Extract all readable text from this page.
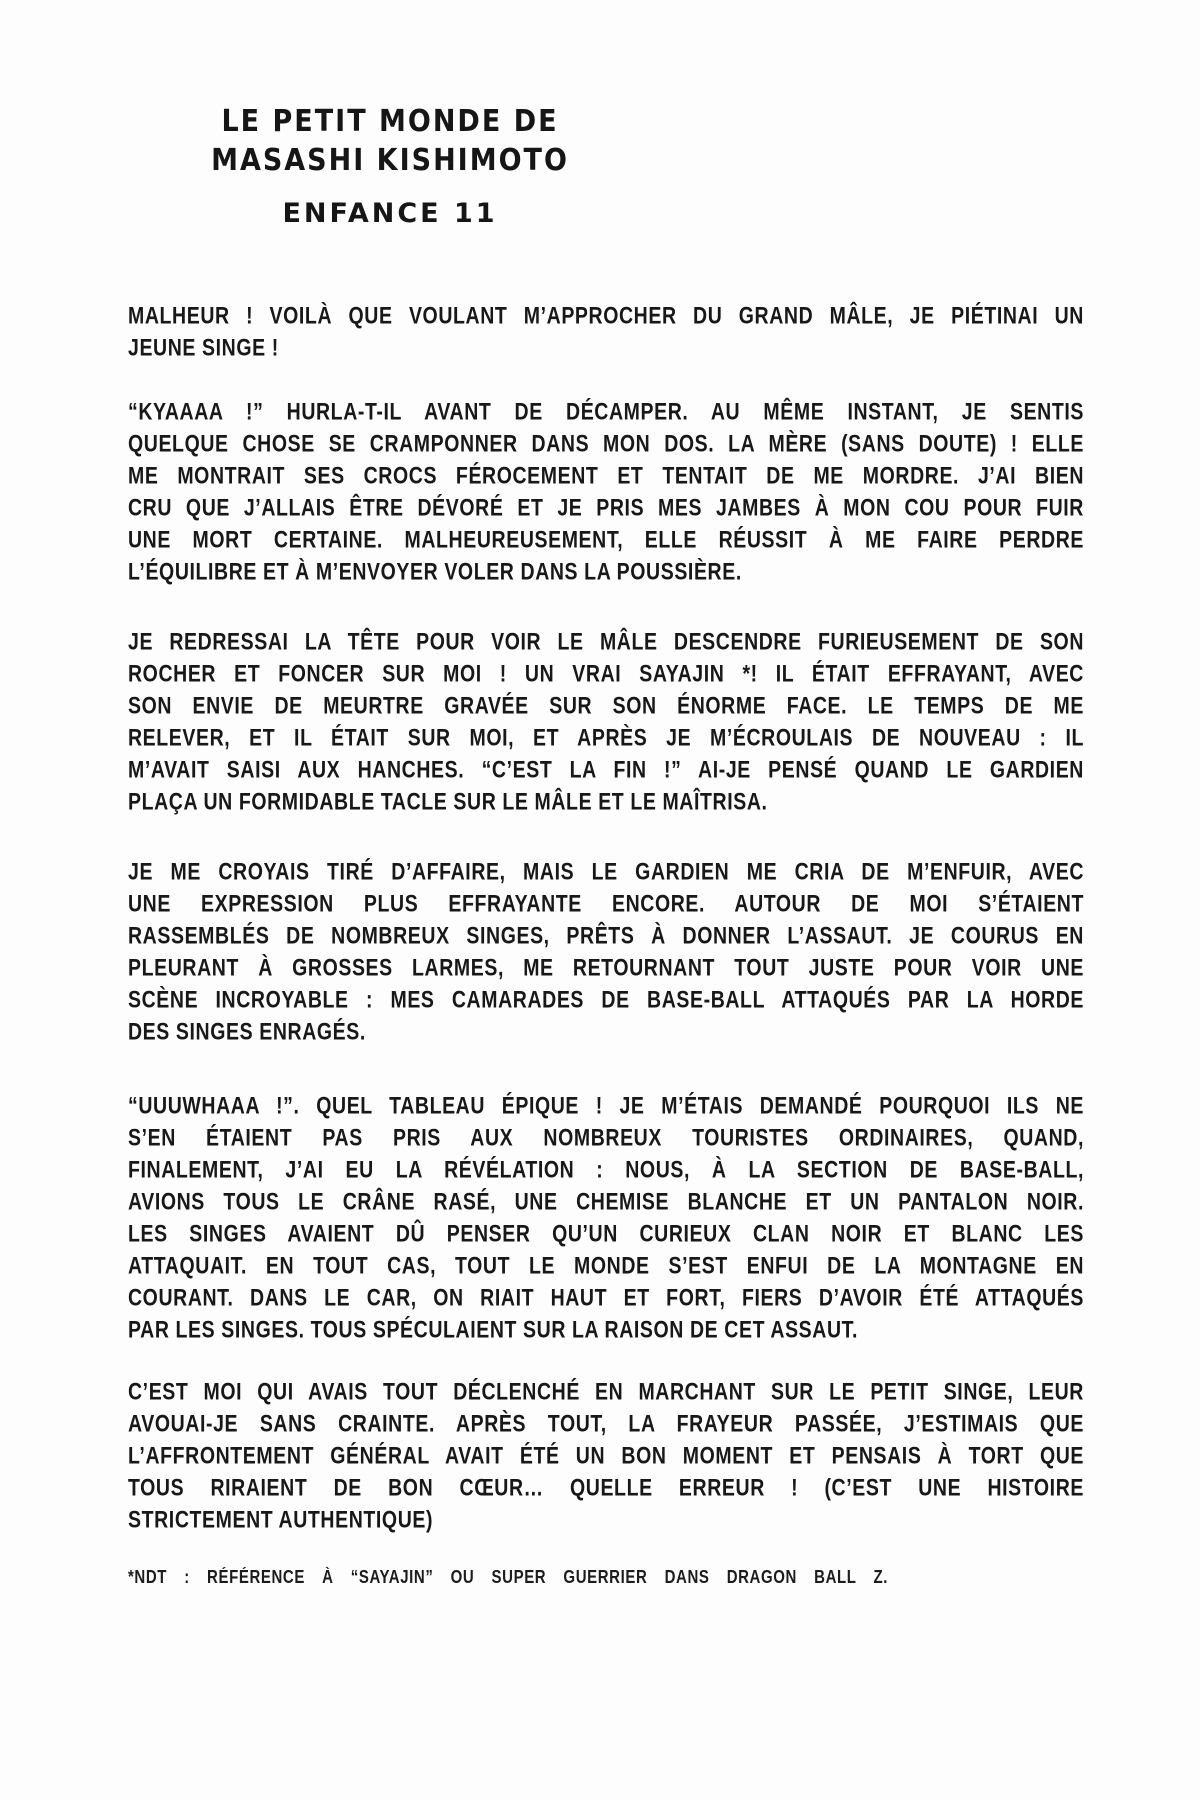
LE PETIT MONDE DE
MASASHI KISHIMOTO
ENFANCE 11
MALHEUR ! VOILÀ QUE VOULANT M’APPROCHER DU GRAND MÂLE, JE PIÉTINAI UN
JEUNE SINGE !
“KYAAAA !” HURLA-T-IL AVANT DE DÉCAMPER. AU MÊME INSTANT, JE SENTIS
QUELQUE CHOSE SE CRAMPONNER DANS MON DOS. LA MÈRE (SANS DOUTE) ! ELLE
ME MONTRAIT SES CROCS FÉROCEMENT ET TENTAIT DE ME MORDRE. J’AI BIEN
CRU QUE J’ALLAIS ÊTRE DÉVORÉ ET JE PRIS MES JAMBES À MON COU POUR FUIR
UNE MORT CERTAINE. MALHEUREUSEMENT, ELLE RÉUSSIT À ME FAIRE PERDRE
L’ÉQUILIBRE ET À M’ENVOYER VOLER DANS LA POUSSIÈRE.
JE REDRESSAI LA TÊTE POUR VOIR LE MÂLE DESCENDRE FURIEUSEMENT DE SON
ROCHER ET FONCER SUR MOI ! UN VRAI SAYAJIN *! IL ÉTAIT EFFRAYANT, AVEC
SON ENVIE DE MEURTRE GRAVÉE SUR SON ÉNORME FACE. LE TEMPS DE ME
RELEVER, ET IL ÉTAIT SUR MOI, ET APRÈS JE M’ÉCROULAIS DE NOUVEAU : IL
M’AVAIT SAISI AUX HANCHES. “C’EST LA FIN !” AI-JE PENSÉ QUAND LE GARDIEN
PLAÇA UN FORMIDABLE TACLE SUR LE MÂLE ET LE MAÎTRISA.
JE ME CROYAIS TIRÉ D’AFFAIRE, MAIS LE GARDIEN ME CRIA DE M’ENFUIR, AVEC
UNE EXPRESSION PLUS EFFRAYANTE ENCORE. AUTOUR DE MOI S’ÉTAIENT
RASSEMBLÉS DE NOMBREUX SINGES, PRÊTS À DONNER L’ASSAUT. JE COURUS EN
PLEURANT À GROSSES LARMES, ME RETOURNANT TOUT JUSTE POUR VOIR UNE
SCÈNE INCROYABLE : MES CAMARADES DE BASE-BALL ATTAQUÉS PAR LA HORDE
DES SINGES ENRAGÉS.
“UUUWHAAA !”. QUEL TABLEAU ÉPIQUE ! JE M’ÉTAIS DEMANDÉ POURQUOI ILS NE
S’EN ÉTAIENT PAS PRIS AUX NOMBREUX TOURISTES ORDINAIRES, QUAND,
FINALEMENT, J’AI EU LA RÉVÉLATION : NOUS, À LA SECTION DE BASE-BALL,
AVIONS TOUS LE CRÂNE RASÉ, UNE CHEMISE BLANCHE ET UN PANTALON NOIR.
LES SINGES AVAIENT DÛ PENSER QU’UN CURIEUX CLAN NOIR ET BLANC LES
ATTAQUAIT. EN TOUT CAS, TOUT LE MONDE S’EST ENFUI DE LA MONTAGNE EN
COURANT. DANS LE CAR, ON RIAIT HAUT ET FORT, FIERS D’AVOIR ÉTÉ ATTAQUÉS
PAR LES SINGES. TOUS SPÉCULAIENT SUR LA RAISON DE CET ASSAUT.
C’EST MOI QUI AVAIS TOUT DÉCLENCHÉ EN MARCHANT SUR LE PETIT SINGE, LEUR
AVOUAI-JE SANS CRAINTE. APRÈS TOUT, LA FRAYEUR PASSÉE, J’ESTIMAIS QUE
L’AFFRONTEMENT GÉNÉRAL AVAIT ÉTÉ UN BON MOMENT ET PENSAIS À TORT QUE
TOUS RIRAIENT DE BON CŒUR… QUELLE ERREUR ! (C’EST UNE HISTOIRE
STRICTEMENT AUTHENTIQUE)
*NDT : RÉFÉRENCE À “SAYAJIN” OU SUPER GUERRIER DANS DRAGON BALL Z.
